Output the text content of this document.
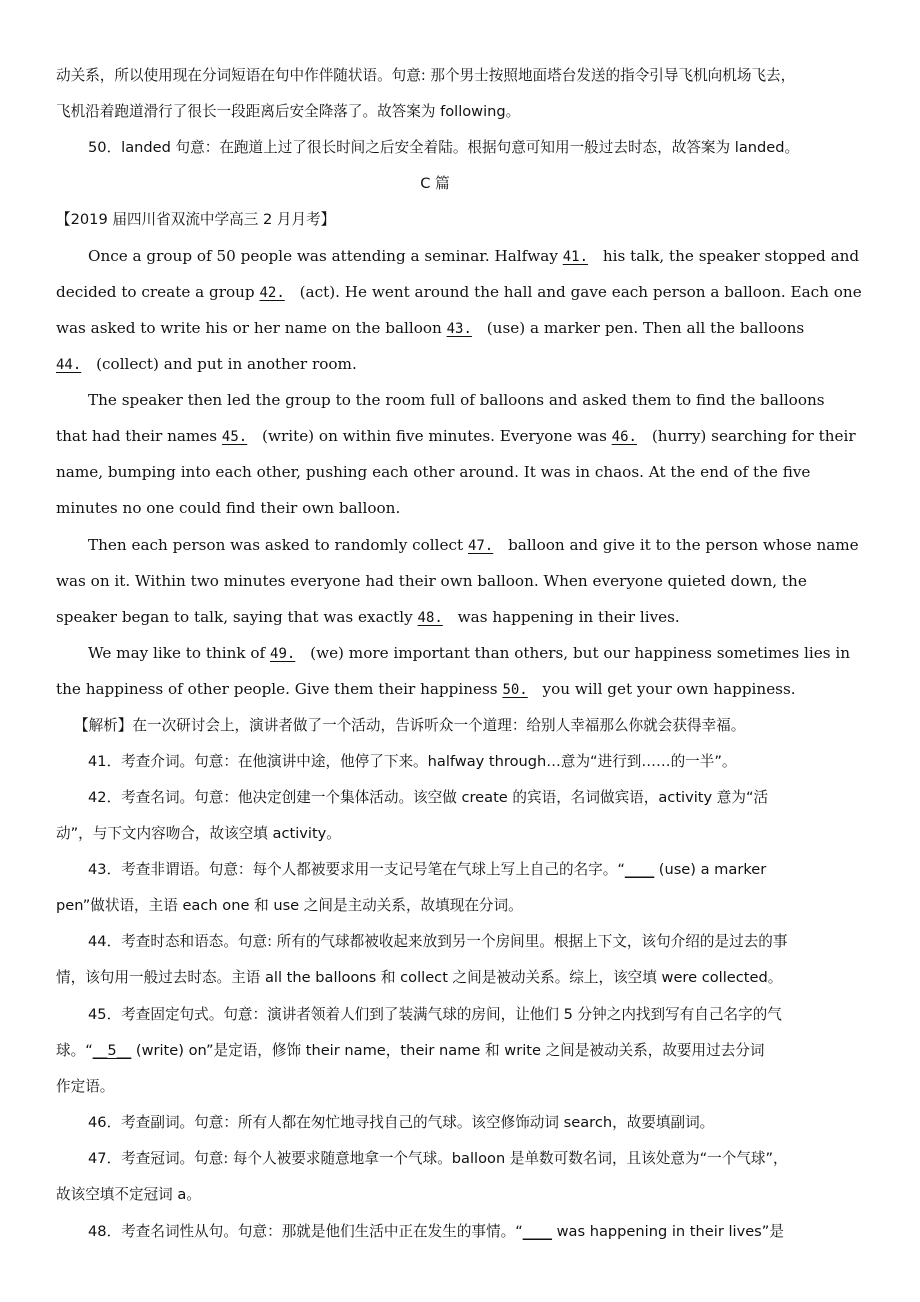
动关系，所以使用现在分词短语在句中作伴随状语。句意: 那个男士按照地面塔台发送的指令引导飞机向机场飞去，
飞机沿着跑道滑行了很长一段距离后安全降落了。故答案为 following。
50．landed 句意：在跑道上过了很长时间之后安全着陆。根据句意可知用一般过去时态，故答案为 landed。
C 篇
【2019 届四川省双流中学高三 2 月月考】
Once a group of 50 people was attending a seminar. Halfway 41. his talk, the speaker stopped and
decided to create a group 42. (act). He went around the hall and gave each person a balloon. Each one
was asked to write his or her name on the balloon 43. (use) a marker pen. Then all the balloons
44. (collect) and put in another room.
The speaker then led the group to the room full of balloons and asked them to find the balloons
that had their names 45. (write) on within five minutes. Everyone was 46. (hurry) searching for their
name, bumping into each other, pushing each other around. It was in chaos. At the end of the five
minutes no one could find their own balloon.
Then each person was asked to randomly collect 47. balloon and give it to the person whose name
was on it. Within two minutes everyone had their own balloon. When everyone quieted down, the
speaker began to talk, saying that was exactly 48. was happening in their lives.
We may like to think of 49. (we) more important than others, but our happiness sometimes lies in
the happiness of other people. Give them their happiness 50. you will get your own happiness.
【解析】在一次研讨会上，演讲者做了一个活动，告诉听众一个道理：给别人幸福那么你就会获得幸福。
41．考查介词。句意：在他演讲中途，他停了下来。halfway through…意为“进行到……的一半”。
42．考查名词。句意：他决定创建一个集体活动。该空做 create 的宾语，名词做宾语，activity 意为“活
动”，与下文内容吻合，故该空填 activity。
43．考查非谓语。句意：每个人都被要求用一支记号笔在气球上写上自己的名字。“____ (use) a marker
pen”做状语，主语 each one 和 use 之间是主动关系，故填现在分词。
44．考查时态和语态。句意: 所有的气球都被收起来放到另一个房间里。根据上下文，该句介绍的是过去的事
情，该句用一般过去时态。主语 all the balloons 和 collect 之间是被动关系。综上，该空填 were collected。
45．考查固定句式。句意：演讲者领着人们到了装满气球的房间，让他们 5 分钟之内找到写有自己名字的气
球。“__5__ (write) on”是定语，修饰 their name，their name 和 write 之间是被动关系，故要用过去分词
作定语。
46．考查副词。句意：所有人都在匆忙地寻找自己的气球。该空修饰动词 search，故要填副词。
47．考查冠词。句意: 每个人被要求随意地拿一个气球。balloon 是单数可数名词，且该处意为“一个气球”，
故该空填不定冠词 a。
48．考查名词性从句。句意：那就是他们生活中正在发生的事情。“____ was happening in their lives”是
